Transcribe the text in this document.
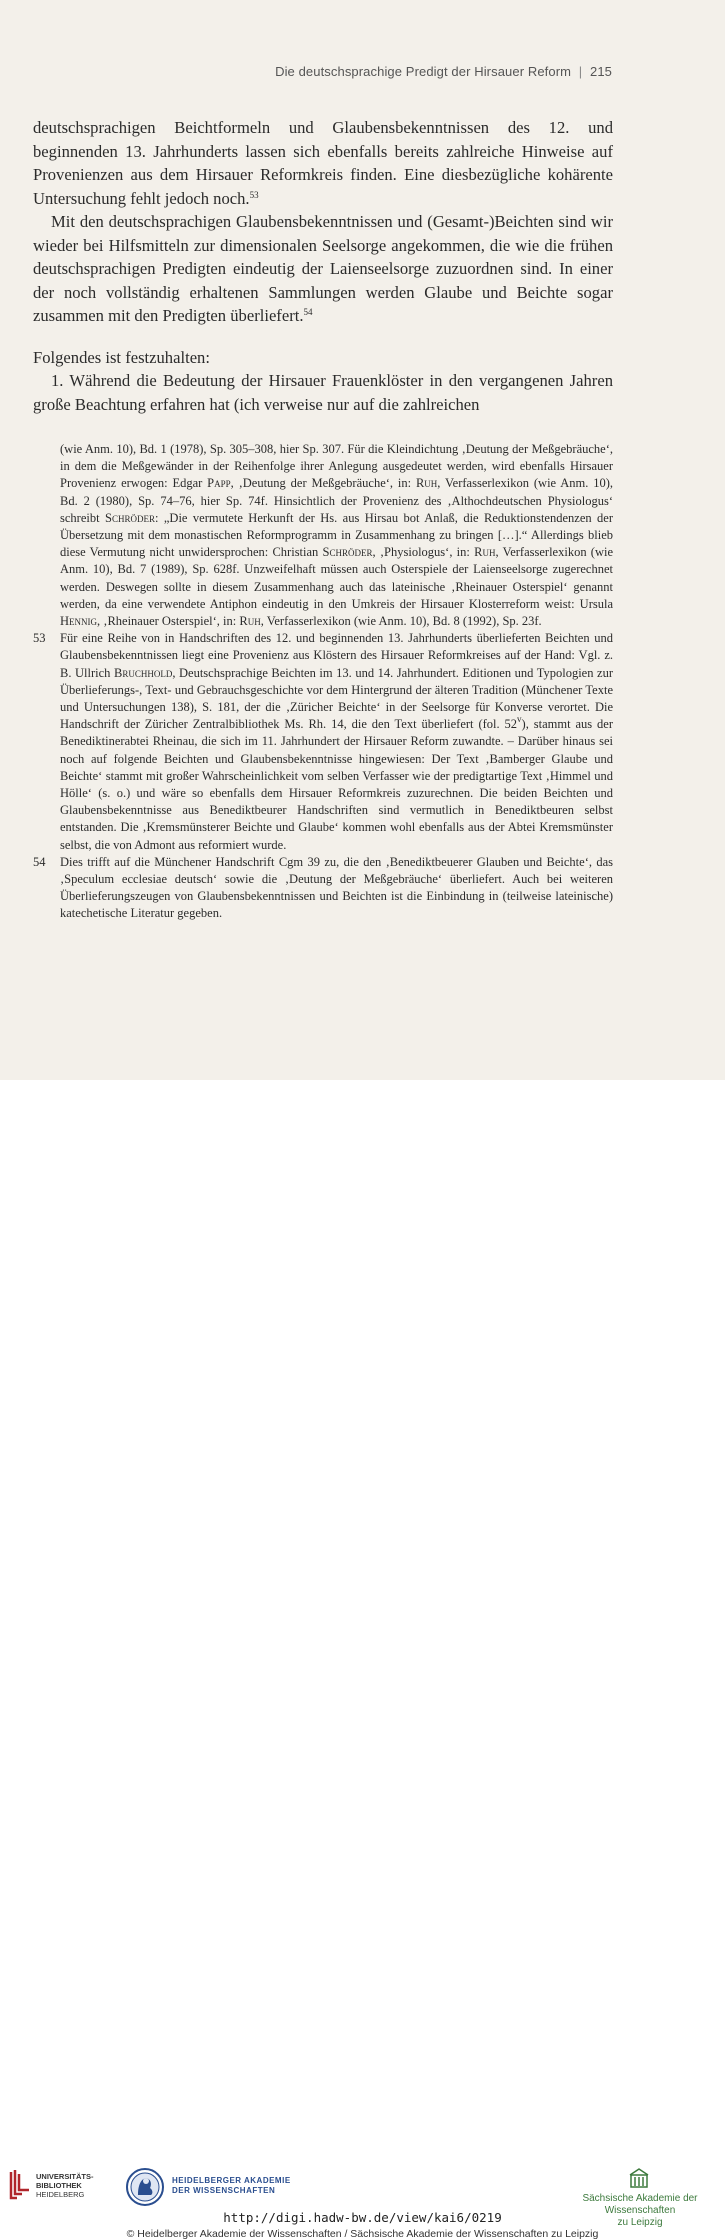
Die deutschsprachige Predigt der Hirsauer Reform | 215

deutschsprachigen Beichtformeln und Glaubensbekenntnissen des 12. und beginnenden 13. Jahrhunderts lassen sich ebenfalls bereits zahlreiche Hinweise auf Provenienzen aus dem Hirsauer Reformkreis finden. Eine diesbezügliche kohärente Untersuchung fehlt jedoch noch.$^{53}$

Mit den deutschsprachigen Glaubensbekenntnissen und (Gesamt-)Beichten sind wir wieder bei Hilfsmitteln zur dimensionalen Seelsorge angekommen, die wie die frühen deutschsprachigen Predigten eindeutig der Laienseelsorge zuzuordnen sind. In einer der noch vollständig erhaltenen Sammlungen werden Glaube und Beichte sogar zusammen mit den Predigten überliefert.$^{54}$

Folgendes ist festzuhalten:

1. Während die Bedeutung der Hirsauer Frauenklöster in den vergangenen Jahren große Beachtung erfahren hat (ich verweise nur auf die zahlreichen

(wie Anm. 10), Bd. 1 (1978), Sp. 305–308, hier Sp. 307. Für die Kleindichtung ‚Deutung der Meßgebräuche‘, in dem die Meßgewänder in der Reihenfolge ihrer Anlegung ausgedeutet werden, wird ebenfalls Hirsauer Provenienz erwogen: Edgar Papp, ‚Deutung der Meßgebräuche‘, in: Ruh, Verfasserlexikon (wie Anm. 10), Bd. 2 (1980), Sp. 74–76, hier Sp. 74f. Hinsichtlich der Provenienz des ‚Althochdeutschen Physiologus‘ schreibt Schröder: „Die vermutete Herkunft der Hs. aus Hirsau bot Anlaß, die Reduktionstendenzen der Übersetzung mit dem monastischen Reformprogramm in Zusammenhang zu bringen […].“ Allerdings blieb diese Vermutung nicht unwidersprochen: Christian Schröder, ‚Physiologus‘, in: Ruh, Verfasserlexikon (wie Anm. 10), Bd. 7 (1989), Sp. 628f. Unzweifelhaft müssen auch Osterspiele der Laienseelsorge zugerechnet werden. Deswegen sollte in diesem Zusammenhang auch das lateinische ‚Rheinauer Osterspiel‘ genannt werden, da eine verwendete Antiphon eindeutig in den Umkreis der Hirsauer Klosterreform weist: Ursula Hennig, ‚Rheinauer Osterspiel‘, in: Ruh, Verfasserlexikon (wie Anm. 10), Bd. 8 (1992), Sp. 23f.

53 Für eine Reihe von in Handschriften des 12. und beginnenden 13. Jahrhunderts überlieferten Beichten und Glaubensbekenntnissen liegt eine Provenienz aus Klöstern des Hirsauer Reformkreises auf der Hand: Vgl. z. B. Ullrich Bruchhold, Deutschsprachige Beichten im 13. und 14. Jahrhundert. Editionen und Typologien zur Überlieferungs-, Text- und Gebrauchsgeschichte vor dem Hintergrund der älteren Tradition (Münchener Texte und Untersuchungen 138), S. 181, der die ‚Züricher Beichte‘ in der Seelsorge für Konverse verortet. Die Handschrift der Züricher Zentralbibliothek Ms. Rh. 14, die den Text überliefert (fol. 52$^v$), stammt aus der Benediktinerabtei Rheinau, die sich im 11. Jahrhundert der Hirsauer Reform zuwandte. – Darüber hinaus sei noch auf folgende Beichten und Glaubensbekenntnisse hingewiesen: Der Text ‚Bamberger Glaube und Beichte‘ stammt mit großer Wahrscheinlichkeit vom selben Verfasser wie der predigtartige Text ‚Himmel und Hölle‘ (s. o.) und wäre so ebenfalls dem Hirsauer Reformkreis zuzurechnen. Die beiden Beichten und Glaubensbekenntnisse aus Benediktbeurer Handschriften sind vermutlich in Benediktbeuren selbst entstanden. Die ‚Kremsmünsterer Beichte und Glaube‘ kommen wohl ebenfalls aus der Abtei Kremsmünster selbst, die von Admont aus reformiert wurde.

54 Dies trifft auf die Münchener Handschrift Cgm 39 zu, die den ‚Benediktbeuerer Glauben und Beichte‘, das ‚Speculum ecclesiae deutsch‘ sowie die ‚Deutung der Meßgebräuche‘ überliefert. Auch bei weiteren Überlieferungszeugen von Glaubensbekenntnissen und Beichten ist die Einbindung in (teilweise lateinische) katechetische Literatur gegeben.

UNIVERSITÄTS-
BIBLIOTHEK
HEIDELBERG
HEIDELBERGER AKADEMIE
DER WISSENSCHAFTEN
Sächsische Akademie der Wissenschaften
zu Leipzig
http://digi.hadw-bw.de/view/kai6/0219
© Heidelberger Akademie der Wissenschaften / Sächsische Akademie der Wissenschaften zu Leipzig
